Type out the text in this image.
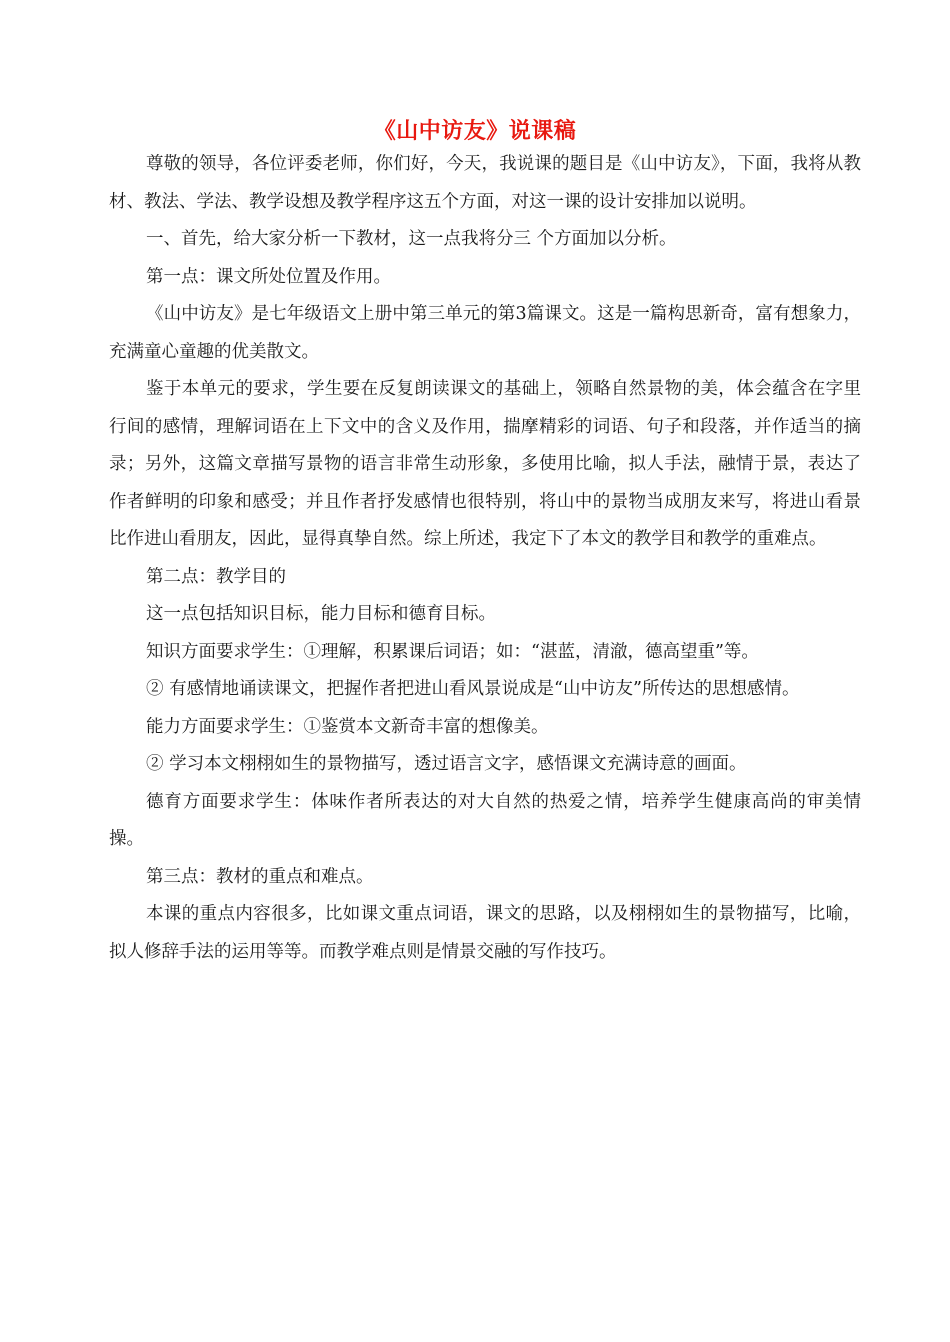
《山中访友》说课稿

尊敬的领导，各位评委老师，你们好，今天，我说课的题目是《山中访友》，下面，我将从教材、教法、学法、教学设想及教学程序这五个方面，对这一课的设计安排加以说明。

一、首先，给大家分析一下教材，这一点我将分三 个方面加以分析。

第一点：课文所处位置及作用。

《山中访友》是七年级语文上册中第三单元的第3篇课文。这是一篇构思新奇，富有想象力，充满童心童趣的优美散文。

鉴于本单元的要求，学生要在反复朗读课文的基础上，领略自然景物的美，体会蕴含在字里行间的感情，理解词语在上下文中的含义及作用，揣摩精彩的词语、句子和段落，并作适当的摘录；另外，这篇文章描写景物的语言非常生动形象，多使用比喻，拟人手法，融情于景，表达了作者鲜明的印象和感受；并且作者抒发感情也很特别，将山中的景物当成朋友来写，将进山看景比作进山看朋友，因此，显得真挚自然。综上所述，我定下了本文的教学目和教学的重难点。

第二点：教学目的

这一点包括知识目标，能力目标和德育目标。

知识方面要求学生：①理解，积累课后词语；如：“湛蓝，清澈，德高望重”等。

② 有感情地诵读课文，把握作者把进山看风景说成是“山中访友”所传达的思想感情。

能力方面要求学生：①鉴赏本文新奇丰富的想像美。

② 学习本文栩栩如生的景物描写，透过语言文字，感悟课文充满诗意的画面。

德育方面要求学生：体味作者所表达的对大自然的热爱之情，培养学生健康高尚的审美情操。

第三点：教材的重点和难点。

本课的重点内容很多，比如课文重点词语，课文的思路，以及栩栩如生的景物描写，比喻，拟人修辞手法的运用等等。而教学难点则是情景交融的写作技巧。
